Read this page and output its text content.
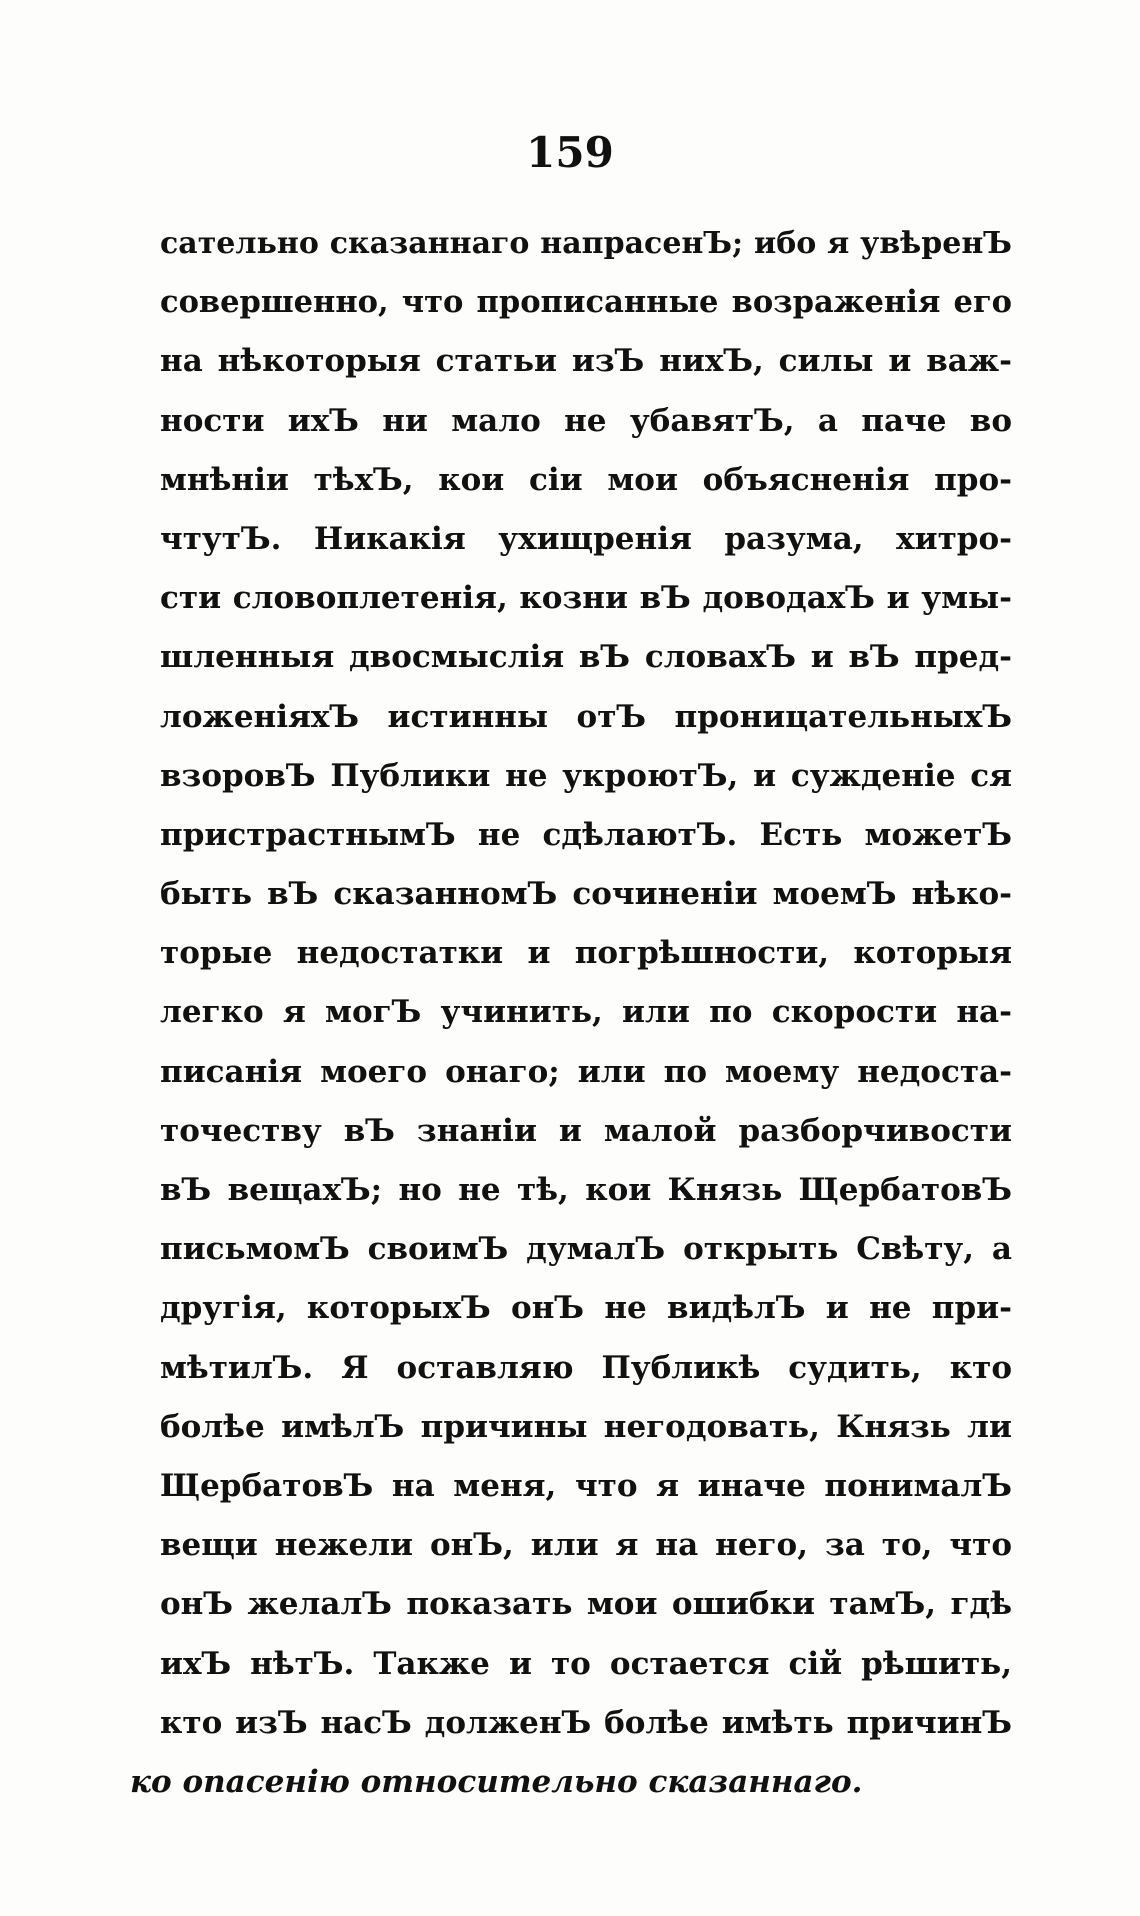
159
сательно сказаннаго напрасенЪ; ибо я увѣренЪ
совершенно, что прописанные возраженія его
на нѣкоторыя статьи изЪ нихЪ, силы и важ-
ности ихЪ ни мало не убавятЪ, а паче во
мнѣніи тѣхЪ, кои сіи мои объясненія про-
чтутЪ. Никакія ухищренія разума, хитро-
сти словоплетенія, козни вЪ доводахЪ и умы-
шленныя двосмыслія вЪ словахЪ и вЪ пред-
ложеніяхЪ истинны отЪ проницательныхЪ
взоровЪ Публики не укроютЪ, и сужденіе ся
пристрастнымЪ не сдѣлаютЪ. Есть можетЪ
быть вЪ сказанномЪ сочиненіи моемЪ нѣко-
торые недостатки и погрѣшности, которыя
легко я могЪ учинить, или по скорости на-
писанія моего онаго; или по моему недоста-
точеству вЪ знаніи и малой разборчивости
вЪ вещахЪ; но не тѣ, кои Князь ЩербатовЪ
письмомЪ своимЪ думалЪ открыть Свѣту, а
другія, которыхЪ онЪ не видѣлЪ и не при-
мѣтилЪ. Я оставляю Публикѣ судить, кто
болѣе имѣлЪ причины негодовать, Князь ли
ЩербатовЪ на меня, что я иначе понималЪ
вещи нежели онЪ, или я на него, за то, что
онЪ желалЪ показать мои ошибки тамЪ, гдѣ
ихЪ нѣтЪ. Также и то остается сій рѣшить,
кто изЪ насЪ долженЪ болѣе имѣть причинЪ
ко опасенію относительно сказаннаго.
